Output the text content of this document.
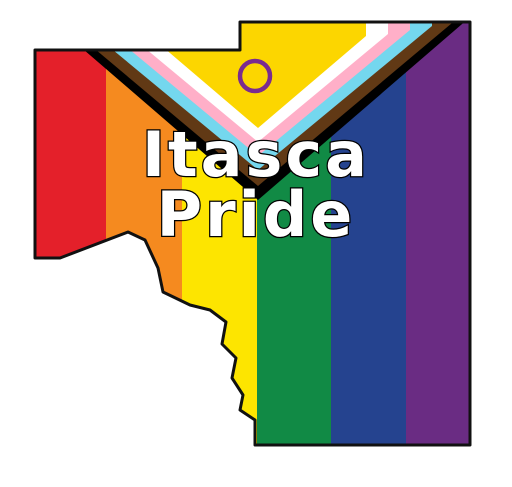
Itasca
Pride
